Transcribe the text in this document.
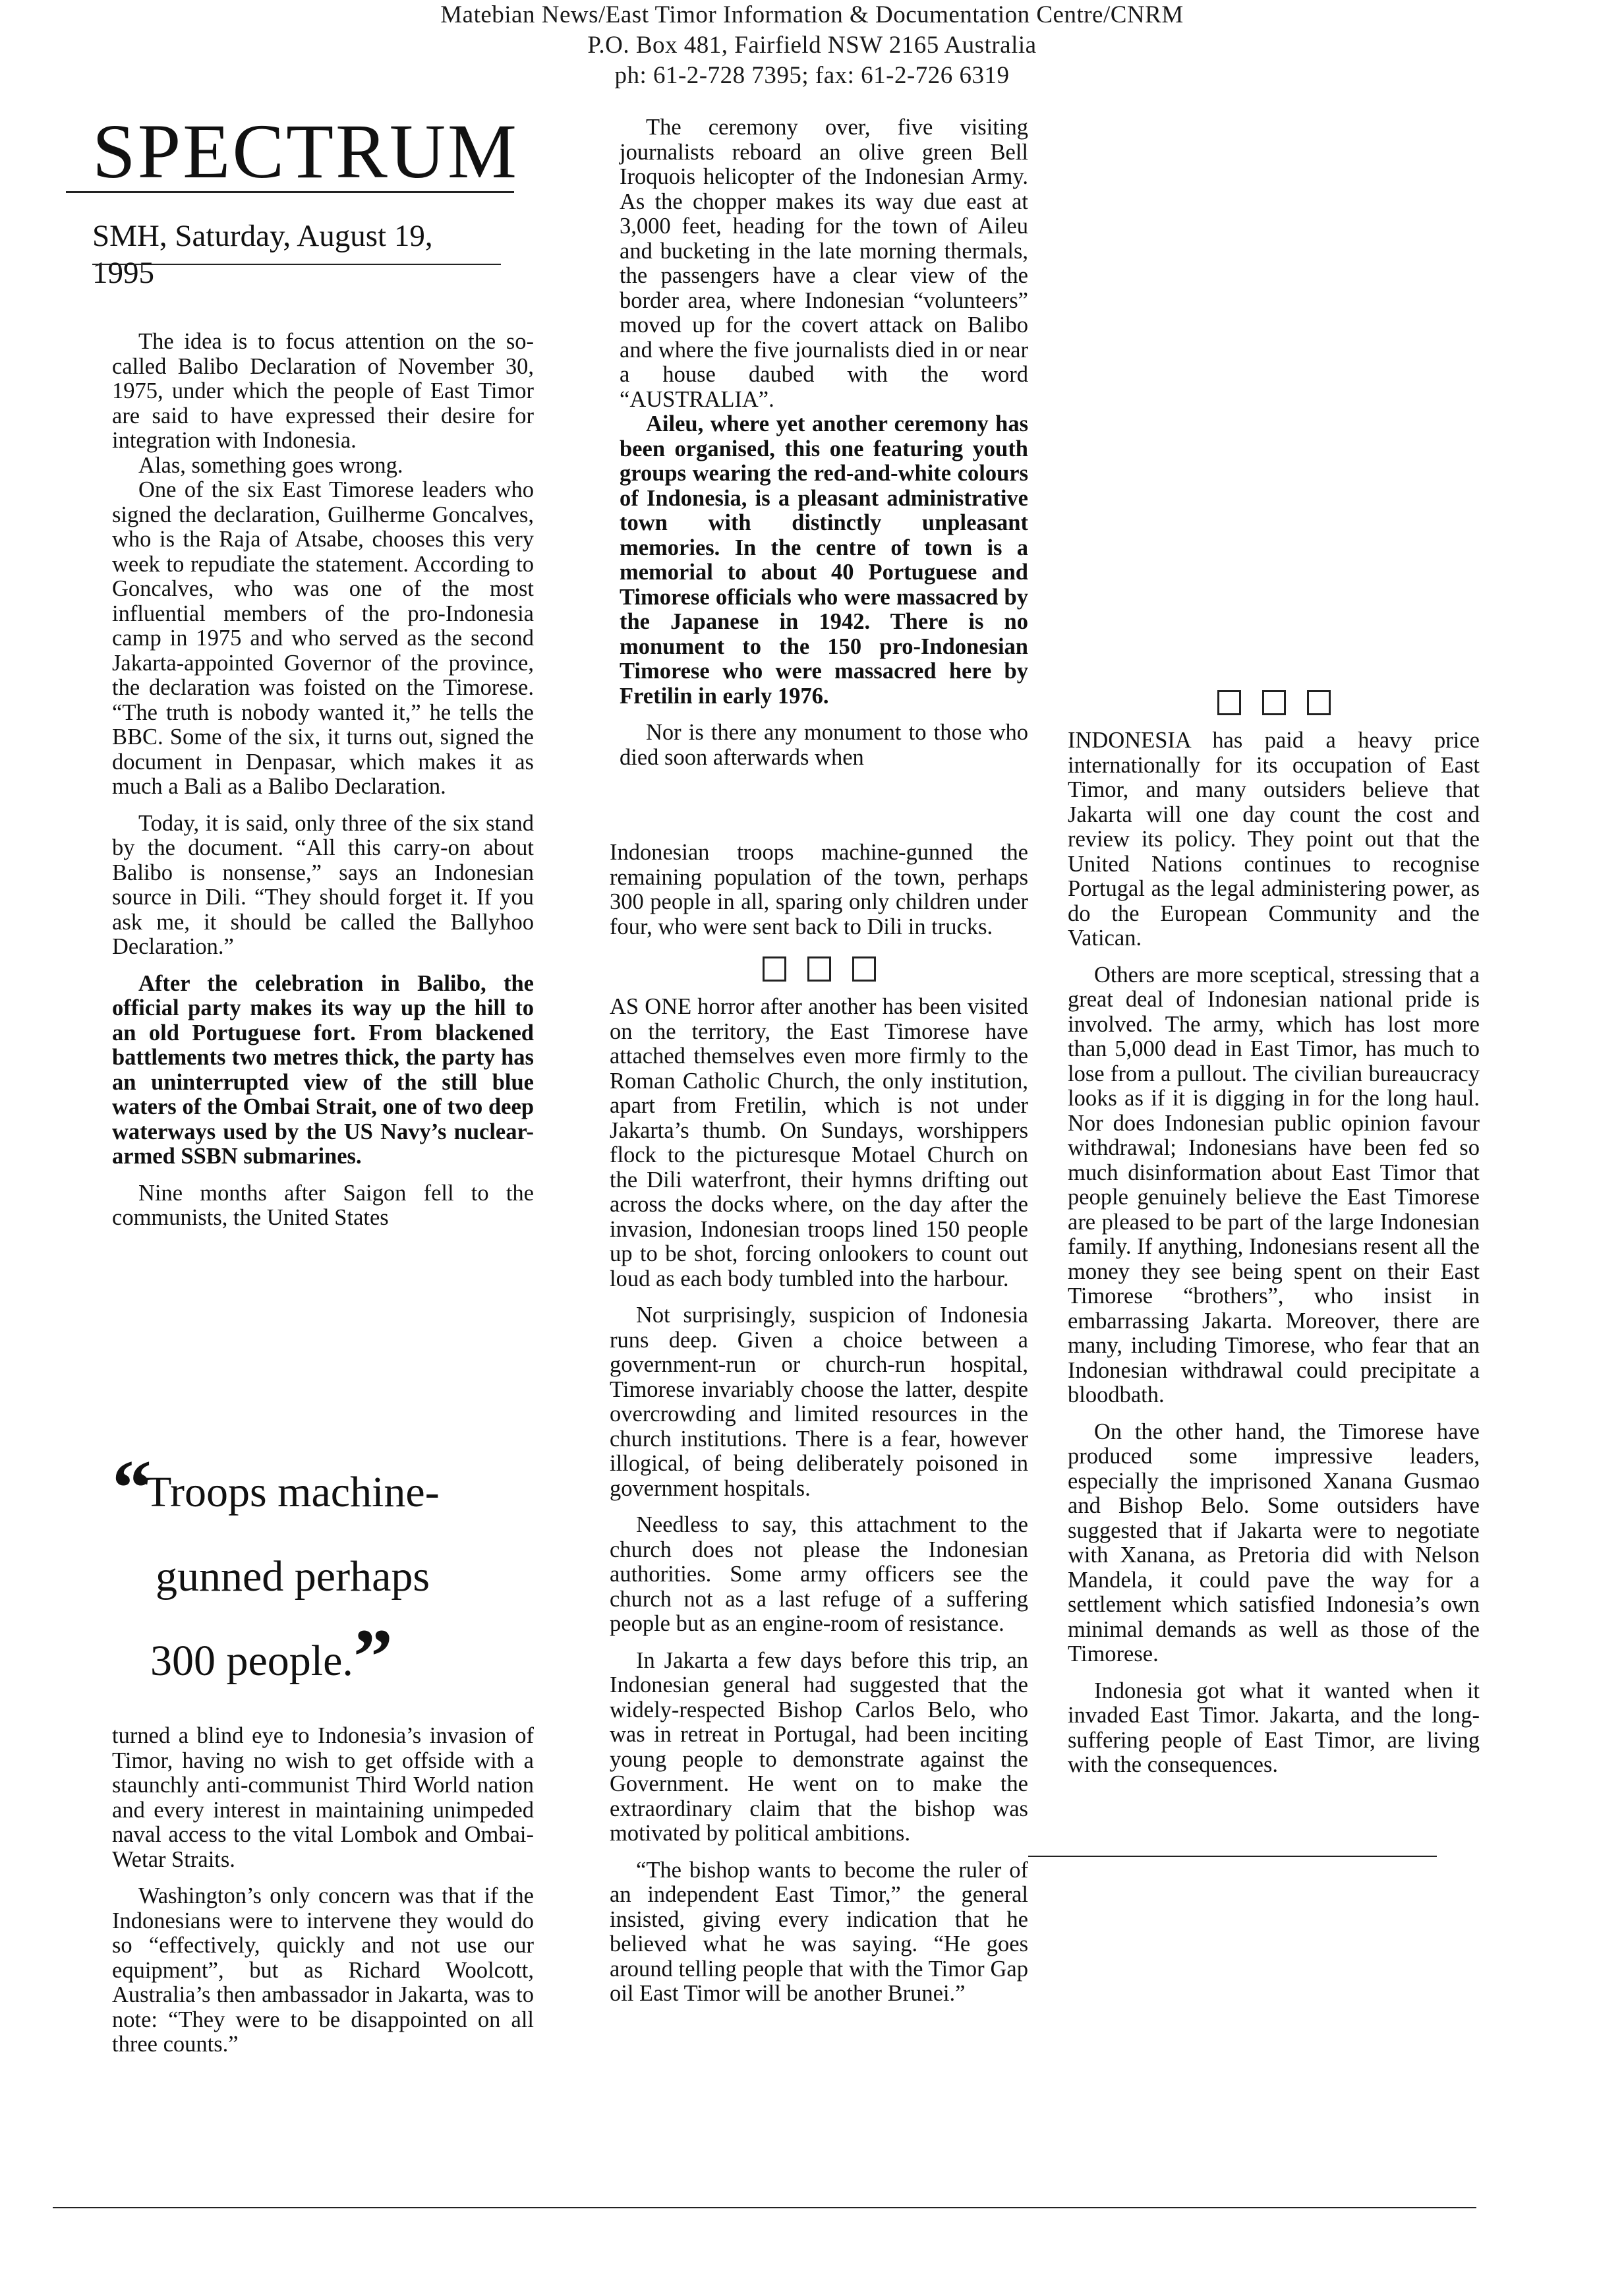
Matebian News/East Timor Information & Documentation Centre/CNRM

P.O. Box 481, Fairfield NSW 2165 Australia

ph: 61-2-728 7395; fax: 61-2-726 6319

SPECTRUM
SMH, Saturday, August 19, 1995

The idea is to focus attention on the so-called Balibo Declaration of November 30, 1975, under which the people of East Timor are said to have expressed their desire for integration with Indonesia.

Alas, something goes wrong.

One of the six East Timorese leaders who signed the declaration, Guilherme Goncalves, who is the Raja of Atsabe, chooses this very week to repudiate the statement. According to Goncalves, who was one of the most influential members of the pro-Indonesia camp in 1975 and who served as the second Jakarta-appointed Governor of the province, the declaration was foisted on the Timorese. “The truth is nobody wanted it,” he tells the BBC. Some of the six, it turns out, signed the document in Denpasar, which makes it as much a Bali as a Balibo Declaration.

Today, it is said, only three of the six stand by the document. “All this carry-on about Balibo is nonsense,” says an Indonesian source in Dili. “They should forget it. If you ask me, it should be called the Ballyhoo Declaration.”

After the celebration in Balibo, the official party makes its way up the hill to an old Portuguese fort. From blackened battlements two metres thick, the party has an uninterrupted view of the still blue waters of the Ombai Strait, one of two deep waterways used by the US Navy’s nuclear-armed SSBN submarines.

Nine months after Saigon fell to the communists, the United States

“Troops machine-
gunned perhaps
300 people.”

turned a blind eye to Indonesia’s invasion of Timor, having no wish to get offside with a staunchly anti-communist Third World nation and every interest in maintaining unimpeded naval access to the vital Lombok and Ombai-Wetar Straits.

Washington’s only concern was that if the Indonesians were to intervene they would do so “effectively, quickly and not use our equipment”, but as Richard Woolcott, Australia’s then ambassador in Jakarta, was to note: “They were to be disappointed on all three counts.”

The ceremony over, five visiting journalists reboard an olive green Bell Iroquois helicopter of the Indonesian Army. As the chopper makes its way due east at 3,000 feet, heading for the town of Aileu and bucketing in the late morning thermals, the passengers have a clear view of the border area, where Indonesian “volunteers” moved up for the covert attack on Balibo and where the five journalists died in or near a house daubed with the word “AUSTRALIA”.

Aileu, where yet another ceremony has been organised, this one featuring youth groups wearing the red-and-white colours of Indonesia, is a pleasant administrative town with distinctly unpleasant memories. In the centre of town is a memorial to about 40 Portuguese and Timorese officials who were massacred by the Japanese in 1942. There is no monument to the 150 pro-Indonesian Timorese who were massacred here by Fretilin in early 1976.

Nor is there any monument to those who died soon afterwards when

Indonesian troops machine-gunned the remaining population of the town, perhaps 300 people in all, sparing only children under four, who were sent back to Dili in trucks.

AS ONE horror after another has been visited on the territory, the East Timorese have attached themselves even more firmly to the Roman Catholic Church, the only institution, apart from Fretilin, which is not under Jakarta’s thumb. On Sundays, worshippers flock to the picturesque Motael Church on the Dili waterfront, their hymns drifting out across the docks where, on the day after the invasion, Indonesian troops lined 150 people up to be shot, forcing onlookers to count out loud as each body tumbled into the harbour.

Not surprisingly, suspicion of Indonesia runs deep. Given a choice between a government-run or church-run hospital, Timorese invariably choose the latter, despite overcrowding and limited resources in the church institutions. There is a fear, however illogical, of being deliberately poisoned in government hospitals.

Needless to say, this attachment to the church does not please the Indonesian authorities. Some army officers see the church not as a last refuge of a suffering people but as an engine-room of resistance.

In Jakarta a few days before this trip, an Indonesian general had suggested that the widely-respected Bishop Carlos Belo, who was in retreat in Portugal, had been inciting young people to demonstrate against the Government. He went on to make the extraordinary claim that the bishop was motivated by political ambitions.

“The bishop wants to become the ruler of an independent East Timor,” the general insisted, giving every indication that he believed what he was saying. “He goes around telling people that with the Timor Gap oil East Timor will be another Brunei.”

INDONESIA has paid a heavy price internationally for its occupation of East Timor, and many outsiders believe that Jakarta will one day count the cost and review its policy. They point out that the United Nations continues to recognise Portugal as the legal administering power, as do the European Community and the Vatican.

Others are more sceptical, stressing that a great deal of Indonesian national pride is involved. The army, which has lost more than 5,000 dead in East Timor, has much to lose from a pullout. The civilian bureaucracy looks as if it is digging in for the long haul. Nor does Indonesian public opinion favour withdrawal; Indonesians have been fed so much disinformation about East Timor that people genuinely believe the East Timorese are pleased to be part of the large Indonesian family. If anything, Indonesians resent all the money they see being spent on their East Timorese “brothers”, who insist in embarrassing Jakarta. Moreover, there are many, including Timorese, who fear that an Indonesian withdrawal could precipitate a bloodbath.

On the other hand, the Timorese have produced some impressive leaders, especially the imprisoned Xanana Gusmao and Bishop Belo. Some outsiders have suggested that if Jakarta were to negotiate with Xanana, as Pretoria did with Nelson Mandela, it could pave the way for a settlement which satisfied Indonesia’s own minimal demands as well as those of the Timorese.

Indonesia got what it wanted when it invaded East Timor. Jakarta, and the long-suffering people of East Timor, are living with the consequences.
